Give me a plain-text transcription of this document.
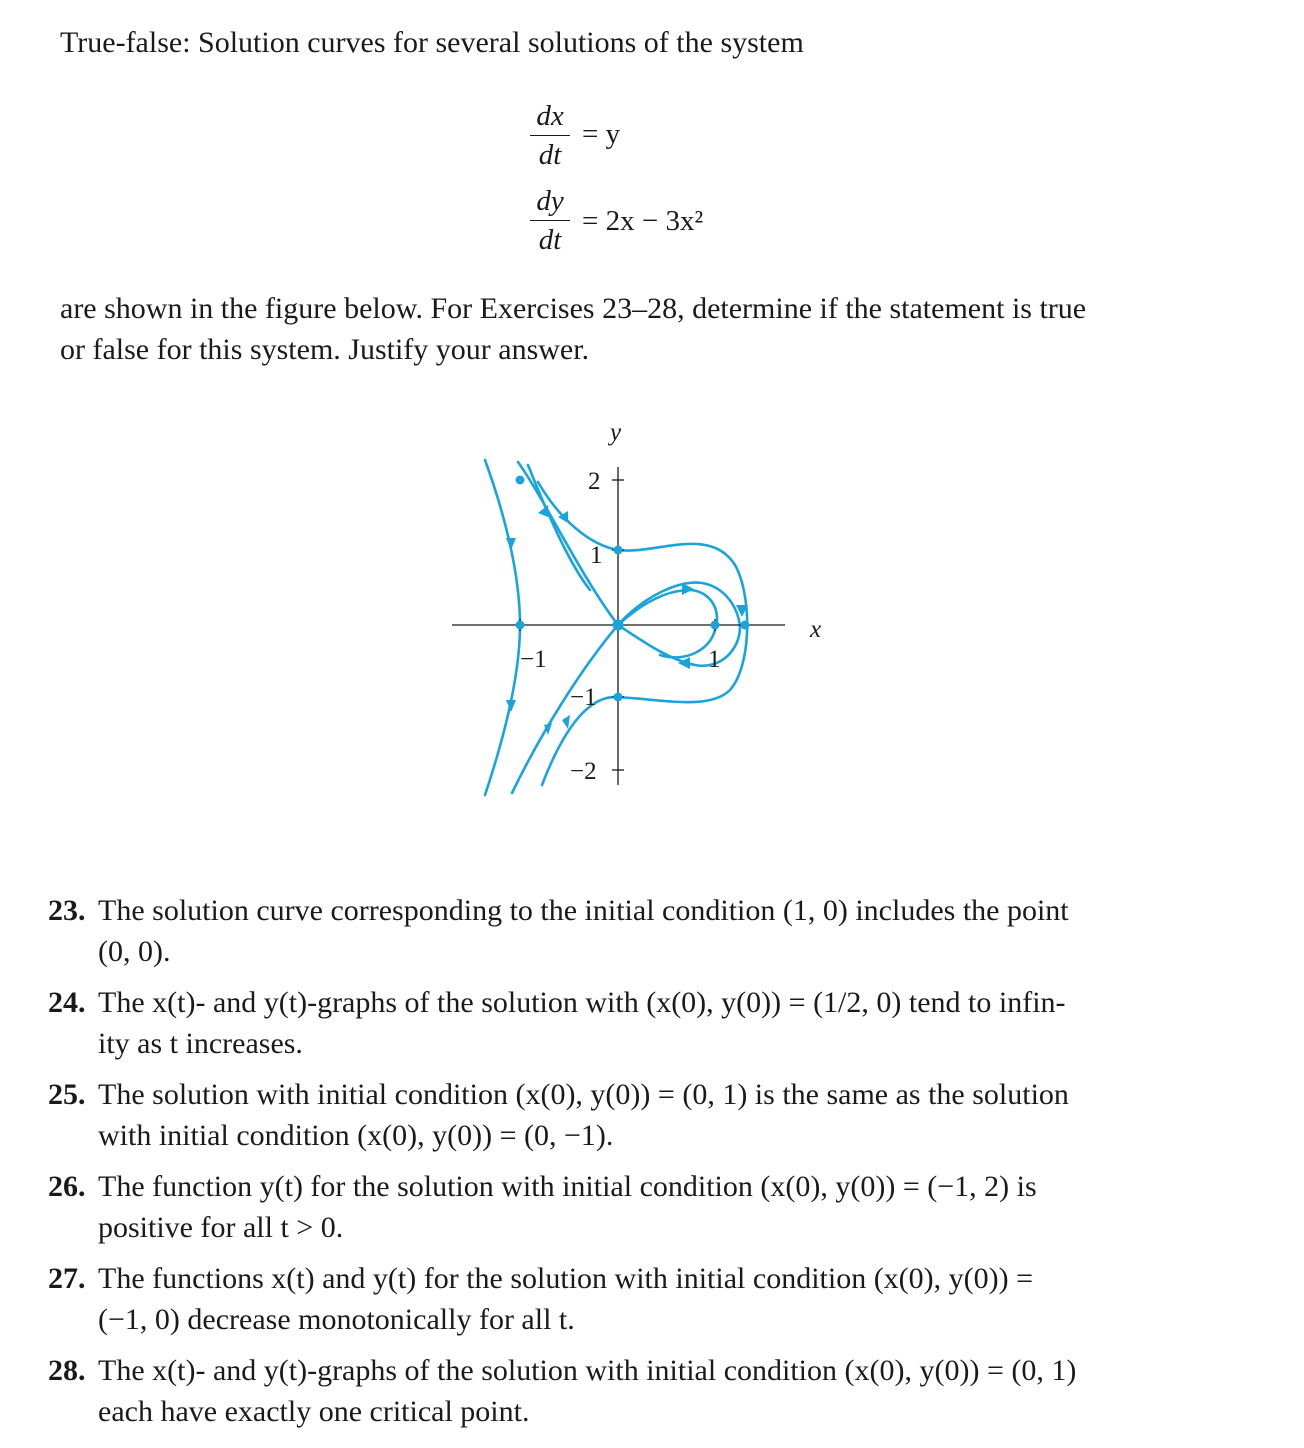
True-false: Solution curves for several solutions of the system
dx
dt
= y
dy
dt
= 2x − 3x²
are shown in the figure below. For Exercises 23–28, determine if the statement is true
or false for this system. Justify your answer.
x
y
−1	1
2
1
−1
−2
23. The solution curve corresponding to the initial condition (1, 0) includes the point
(0, 0).
24. The x(t)- and y(t)-graphs of the solution with (x(0), y(0)) = (1/2, 0) tend to infin-
ity as t increases.
25. The solution with initial condition (x(0), y(0)) = (0, 1) is the same as the solution
with initial condition (x(0), y(0)) = (0, −1).
26. The function y(t) for the solution with initial condition (x(0), y(0)) = (−1, 2) is
positive for all t > 0.
27. The functions x(t) and y(t) for the solution with initial condition (x(0), y(0)) =
(−1, 0) decrease monotonically for all t.
28. The x(t)- and y(t)-graphs of the solution with initial condition (x(0), y(0)) = (0, 1)
each have exactly one critical point.
